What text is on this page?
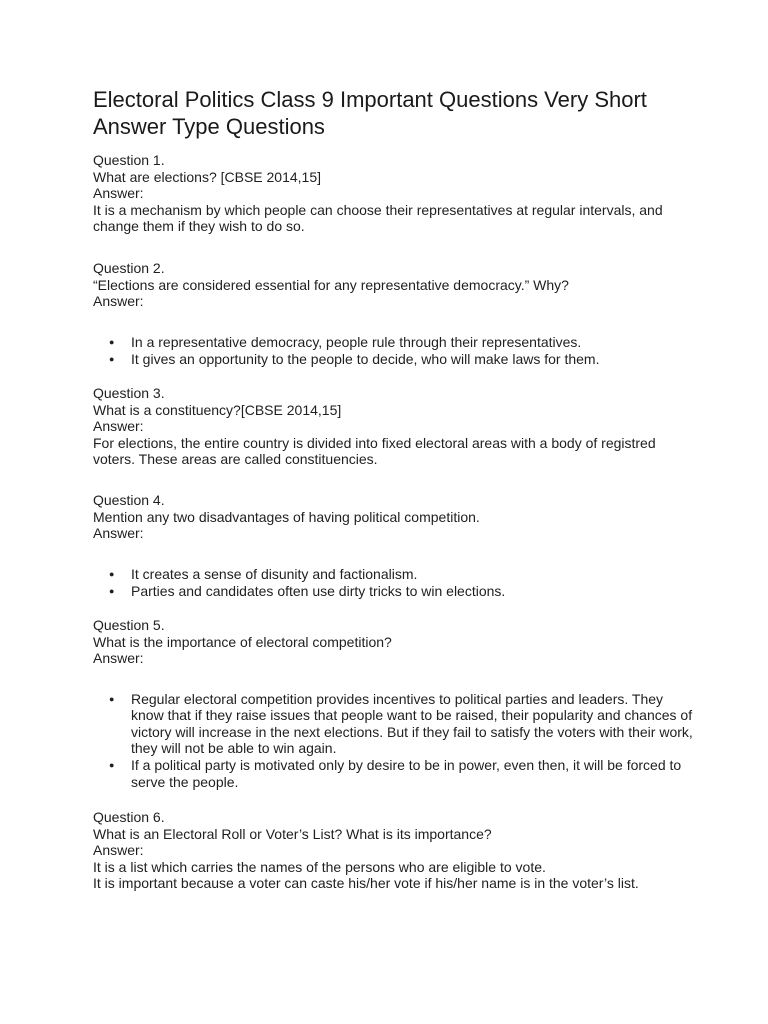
Electoral Politics Class 9 Important Questions Very Short Answer Type Questions

Question 1.

What are elections? [CBSE 2014,15]

Answer:

It is a mechanism by which people can choose their representatives at regular intervals, and change them if they wish to do so.

Question 2.

“Elections are considered essential for any representative democracy.” Why?

Answer:

● In a representative democracy, people rule through their representatives.
● It gives an opportunity to the people to decide, who will make laws for them.

Question 3.

What is a constituency?[CBSE 2014,15]

Answer:

For elections, the entire country is divided into fixed electoral areas with a body of registred voters. These areas are called constituencies.

Question 4.

Mention any two disadvantages of having political competition.

Answer:

● It creates a sense of disunity and factionalism.
● Parties and candidates often use dirty tricks to win elections.

Question 5.

What is the importance of electoral competition?

Answer:

● Regular electoral competition provides incentives to political parties and leaders. They know that if they raise issues that people want to be raised, their popularity and chances of victory will increase in the next elections. But if they fail to satisfy the voters with their work, they will not be able to win again.
● If a political party is motivated only by desire to be in power, even then, it will be forced to serve the people.

Question 6.

What is an Electoral Roll or Voter’s List? What is its importance?

Answer:

It is a list which carries the names of the persons who are eligible to vote.

It is important because a voter can caste his/her vote if his/her name is in the voter’s list.
